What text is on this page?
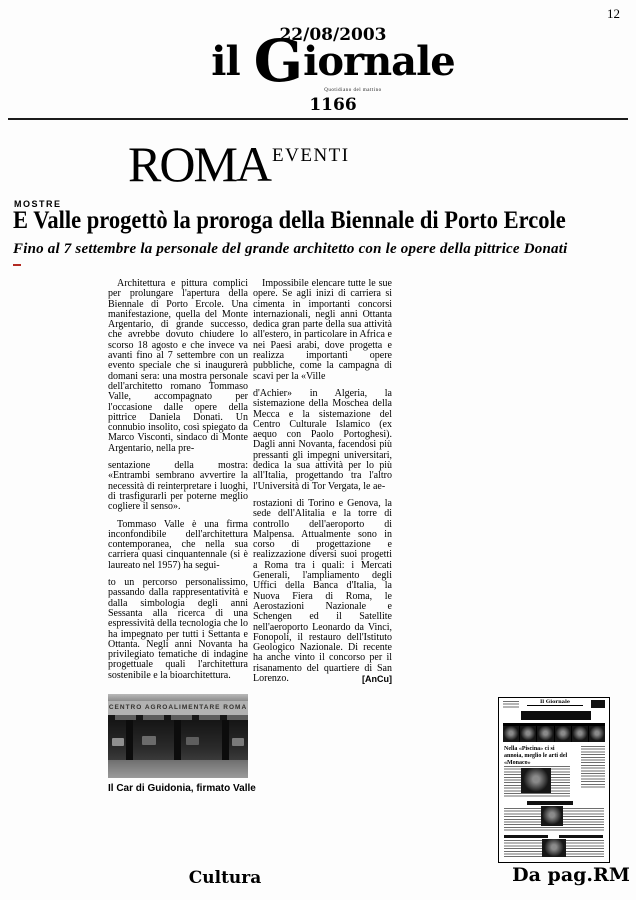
12
22/08/2003
il Giornale
Quotidiano del mattino
1166
ROMA $^{EVENTI}$
MOSTRE
E Valle progettò la proroga della Biennale di Porto Ercole
Fino al 7 settembre la personale del grande architetto con le opere della pittrice Donati

Architettura e pittura complici per prolungare l'apertura della Biennale di Porto Ercole. Una manifestazione, quella del Monte Argentario, di grande successo, che avrebbe dovuto chiudere lo scorso 18 agosto e che invece va avanti fino al 7 settembre con un evento speciale che si inaugurerà domani sera: una mostra personale dell'architetto romano Tommaso Valle, accompagnato per l'occasione dalle opere della pittrice Daniela Donati. Un connubio insolito, così spiegato da Marco Visconti, sindaco di Monte Argentario, nella pre-

sentazione della mostra: «Entrambi sembrano avvertire la necessità di reinterpretare i luoghi, di trasfigurarli per poterne meglio cogliere il senso».

Tommaso Valle è una firma inconfondibile dell'architettura contemporanea, che nella sua carriera quasi cinquantennale (si è laureato nel 1957) ha segui-

to un percorso personalissimo, passando dalla rappresentatività e dalla simbologia degli anni Sessanta alla ricerca di una espressività della tecnologia che lo ha impegnato per tutti i Settanta e Ottanta. Negli anni Novanta ha privilegiato tematiche di indagine progettuale quali l'architettura sostenibile e la bioarchitettura.

Impossibile elencare tutte le sue opere. Se agli inizi di carriera si cimenta in importanti concorsi internazionali, negli anni Ottanta dedica gran parte della sua attività all'estero, in particolare in Africa e nei Paesi arabi, dove progetta e realizza importanti opere pubbliche, come la campagna di scavi per la «Ville

d'Achier» in Algeria, la sistemazione della Moschea della Mecca e la sistemazione del Centro Culturale Islamico (ex aequo con Paolo Portoghesi). Dagli anni Novanta, facendosi più pressanti gli impegni universitari, dedica la sua attività per lo più all'Italia, progettando tra l'altro l'Università di Tor Vergata, le ae-

rostazioni di Torino e Genova, la sede dell'Alitalia e la torre di controllo dell'aeroporto di Malpensa. Attualmente sono in corso di progettazione e realizzazione diversi suoi progetti a Roma tra i quali: i Mercati Generali, l'ampliamento degli Uffici della Banca d'Italia, la Nuova Fiera di Roma, le Aerostazioni Nazionale e Schengen ed il Satellite nell'aeroporto Leonardo da Vinci, Fonopoli, il restauro dell'Istituto Geologico Nazionale. Di recente ha anche vinto il concorso per il risanamento del quartiere di San Lorenzo.	[AnCu]

CENTRO AGROALIMENTARE ROMA
Il Car di Guidonia, firmato Valle
Il Giornale
Nella «Piscina» ci si annoia, meglio le arti del «Monaco»
Cultura	Da pag.RM
